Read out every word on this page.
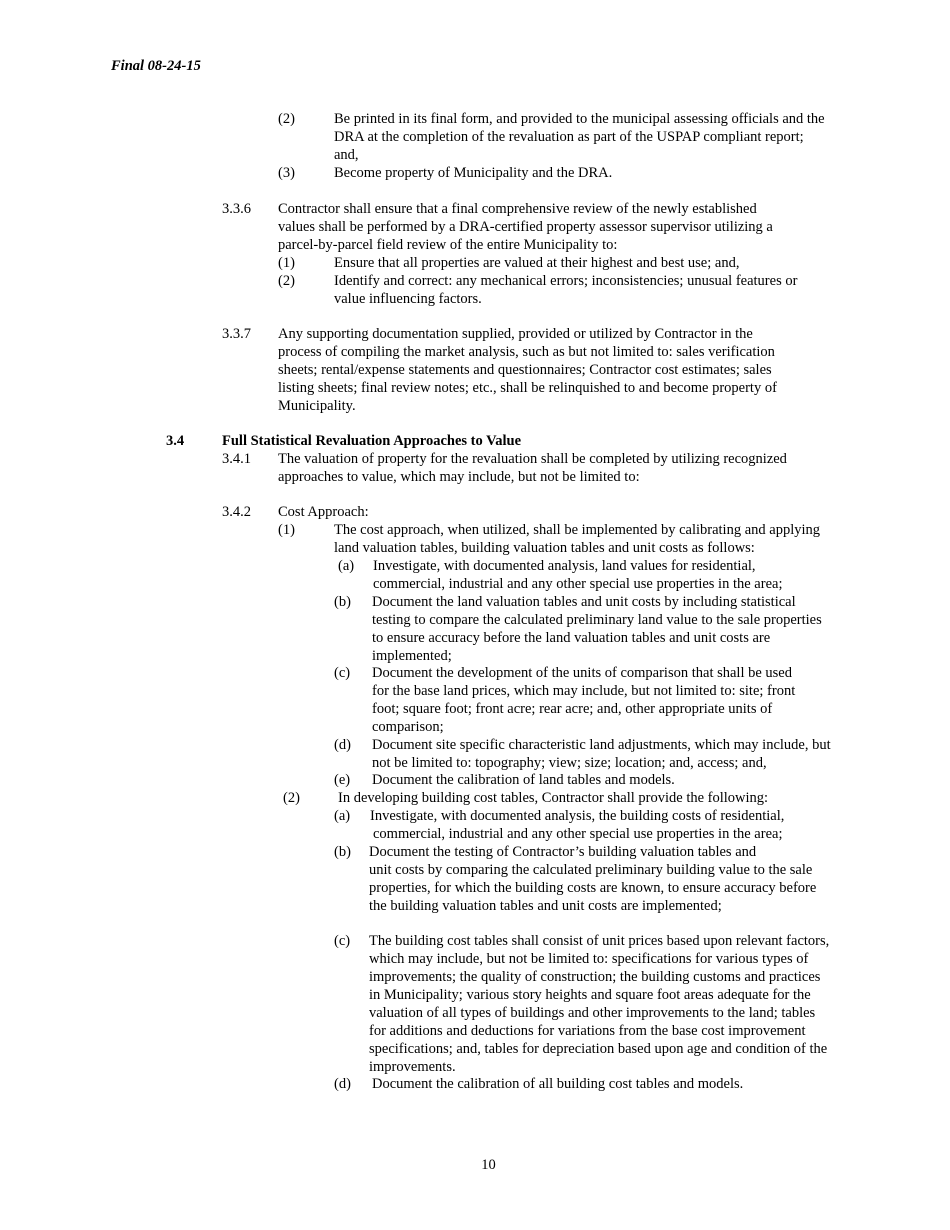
Final 08-24-15
(2)	Be printed in its final form, and provided to the municipal assessing officials and the
DRA at the completion of the revaluation as part of the USPAP compliant report;
and,
(3)	Become property of Municipality and the DRA.
3.3.6 Contractor shall ensure that a final comprehensive review of the newly established
values shall be performed by a DRA-certified property assessor supervisor utilizing a
parcel-by-parcel field review of the entire Municipality to:
(1)	Ensure that all properties are valued at their highest and best use; and,
(2)	Identify and correct: any mechanical errors; inconsistencies; unusual features or
value influencing factors.
3.3.7 Any supporting documentation supplied, provided or utilized by Contractor in the
process of compiling the market analysis, such as but not limited to: sales verification
sheets; rental/expense statements and questionnaires; Contractor cost estimates; sales
listing sheets; final review notes; etc., shall be relinquished to and become property of
Municipality.
3.4	Full Statistical Revaluation Approaches to Value
3.4.1 The valuation of property for the revaluation shall be completed by utilizing recognized
approaches to value, which may include, but not be limited to:
3.4.2 Cost Approach:
(1)	The cost approach, when utilized, shall be implemented by calibrating and applying
land valuation tables, building valuation tables and unit costs as follows:
(a) Investigate, with documented analysis, land values for residential,
commercial, industrial and any other special use properties in the area;
(b) Document the land valuation tables and unit costs by including statistical
testing to compare the calculated preliminary land value to the sale properties
to ensure accuracy before the land valuation tables and unit costs are
implemented;
(c) Document the development of the units of comparison that shall be used
for the base land prices, which may include, but not limited to: site; front
foot; square foot; front acre; rear acre; and, other appropriate units of
comparison;
(d) Document site specific characteristic land adjustments, which may include, but
not be limited to: topography; view; size; location; and, access; and,
(e) Document the calibration of land tables and models.
(2)	In developing building cost tables, Contractor shall provide the following:
(a) Investigate, with documented analysis, the building costs of residential,
commercial, industrial and any other special use properties in the area;
(b) Document the testing of Contractor’s building valuation tables and
unit costs by comparing the calculated preliminary building value to the sale
properties, for which the building costs are known, to ensure accuracy before
the building valuation tables and unit costs are implemented;
(c) The building cost tables shall consist of unit prices based upon relevant factors,
which may include, but not be limited to: specifications for various types of
improvements; the quality of construction; the building customs and practices
in Municipality; various story heights and square foot areas adequate for the
valuation of all types of buildings and other improvements to the land; tables
for additions and deductions for variations from the base cost improvement
specifications; and, tables for depreciation based upon age and condition of the
improvements.
(d) Document the calibration of all building cost tables and models.
10
